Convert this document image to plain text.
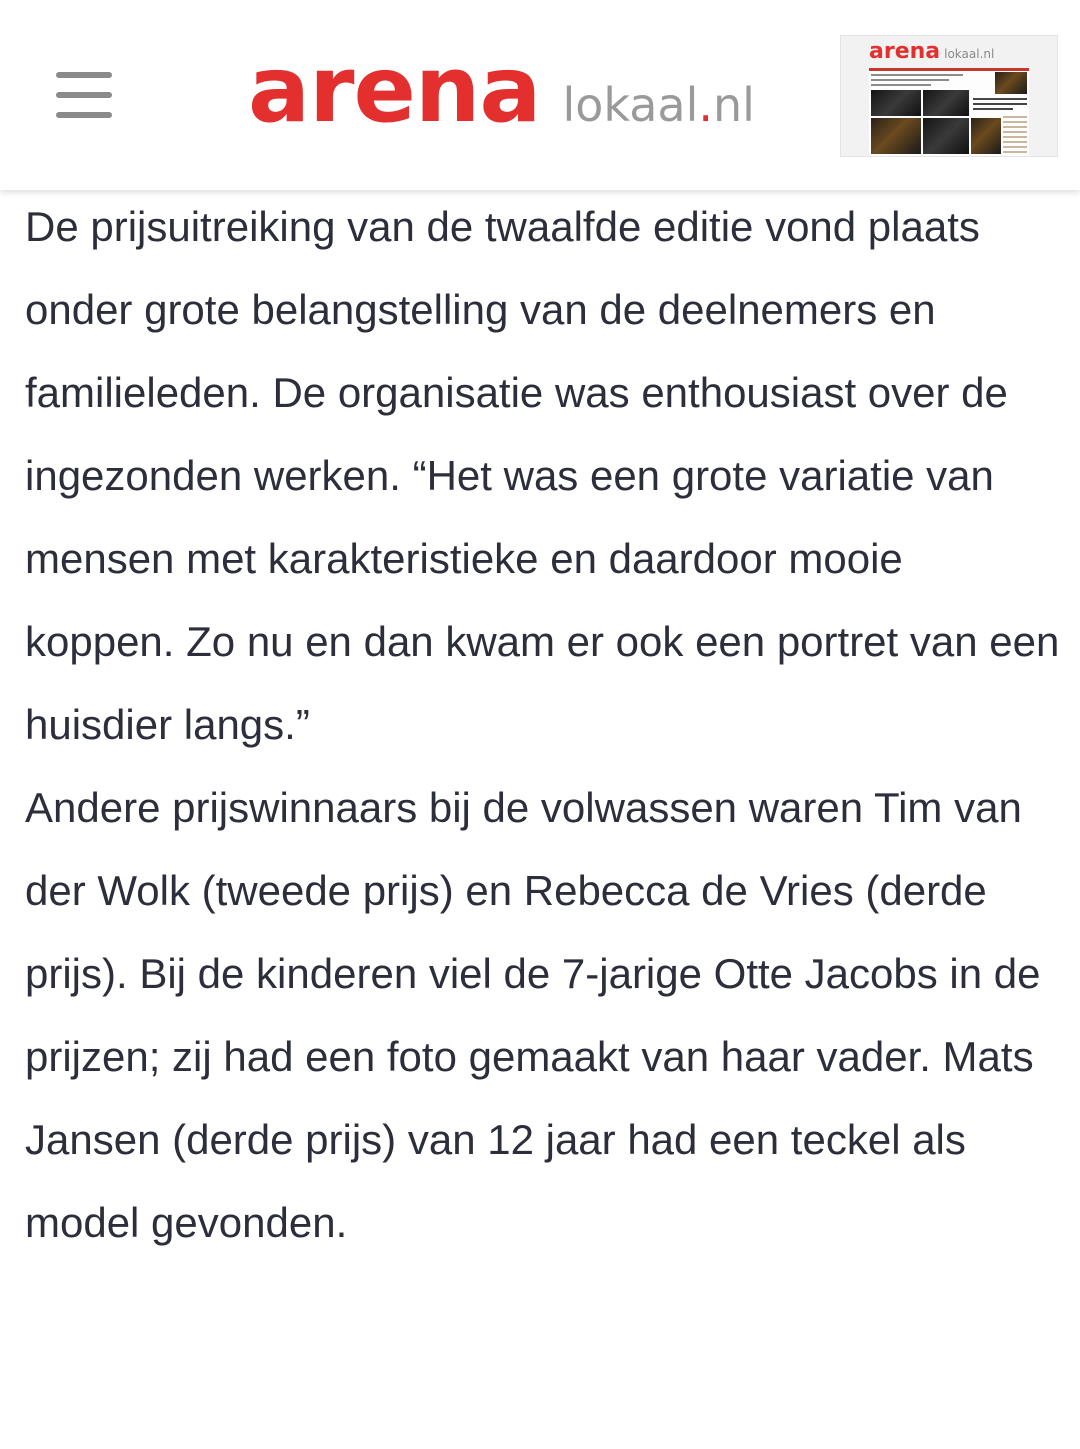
arena lokaal.nl
arena lokaal.nl

De prijsuitreiking van de twaalfde editie vond plaats onder grote belangstelling van de deelnemers en familieleden. De organisatie was enthousiast over de ingezonden werken. “Het was een grote variatie van mensen met karakteristieke en daardoor mooie koppen. Zo nu en dan kwam er ook een portret van een huisdier langs.”

Andere prijswinnaars bij de volwassen waren Tim van der Wolk (tweede prijs) en Rebecca de Vries (derde prijs). Bij de kinderen viel de 7-jarige Otte Jacobs in de prijzen; zij had een foto gemaakt van haar vader. Mats Jansen (derde prijs) van 12 jaar had een teckel als model gevonden.
